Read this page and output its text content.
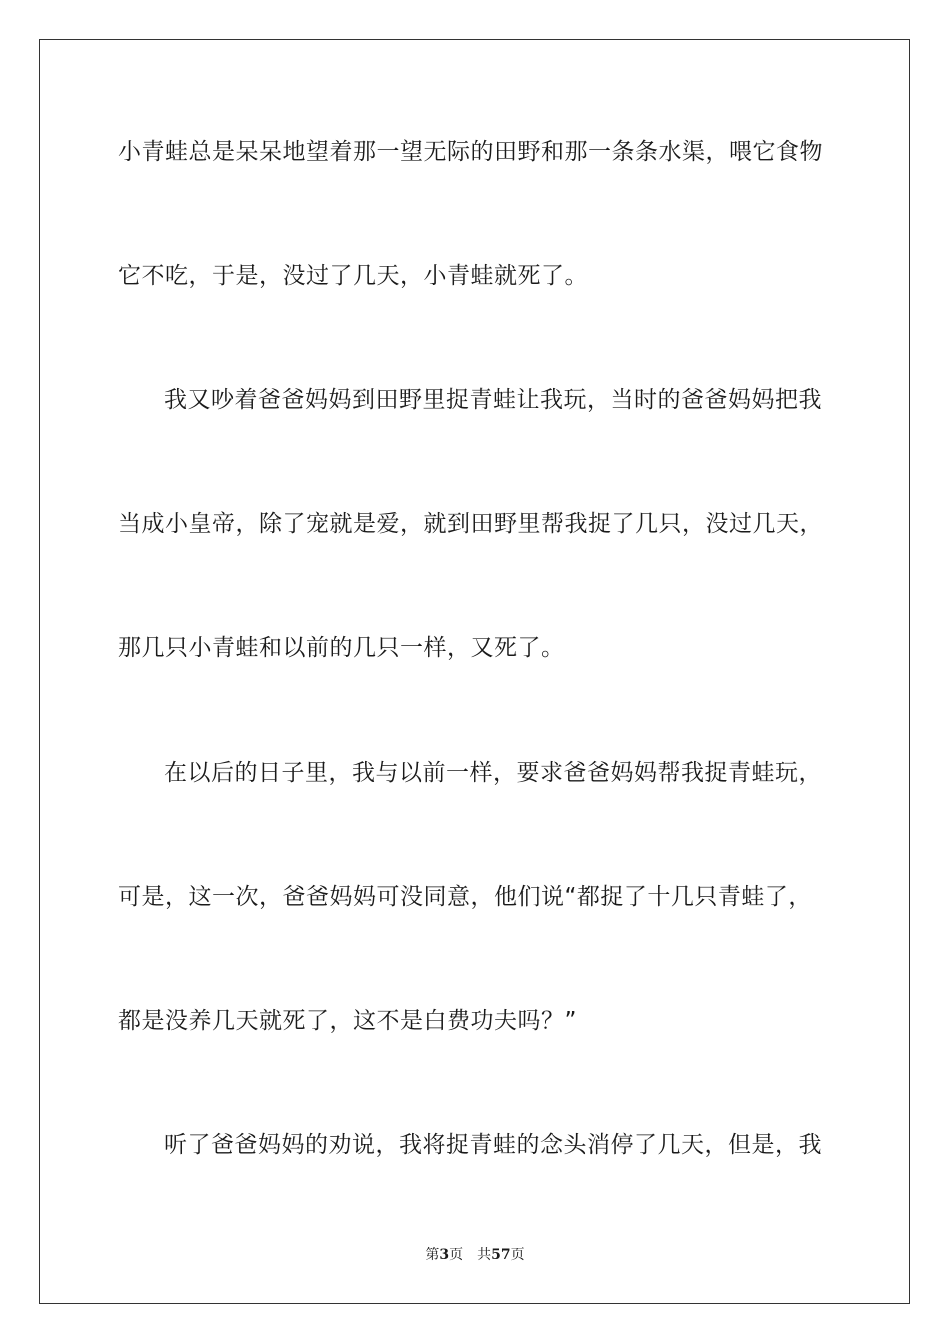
小青蛙总是呆呆地望着那一望无际的田野和那一条条水渠，喂它食物
它不吃，于是，没过了几天，小青蛙就死了。
我又吵着爸爸妈妈到田野里捉青蛙让我玩，当时的爸爸妈妈把我
当成小皇帝，除了宠就是爱，就到田野里帮我捉了几只，没过几天，
那几只小青蛙和以前的几只一样，又死了。
在以后的日子里，我与以前一样，要求爸爸妈妈帮我捉青蛙玩，
可是，这一次，爸爸妈妈可没同意，他们说“都捉了十几只青蛙了，
都是没养几天就死了，这不是白费功夫吗？”
听了爸爸妈妈的劝说，我将捉青蛙的念头消停了几天，但是，我
第3页 共57页
